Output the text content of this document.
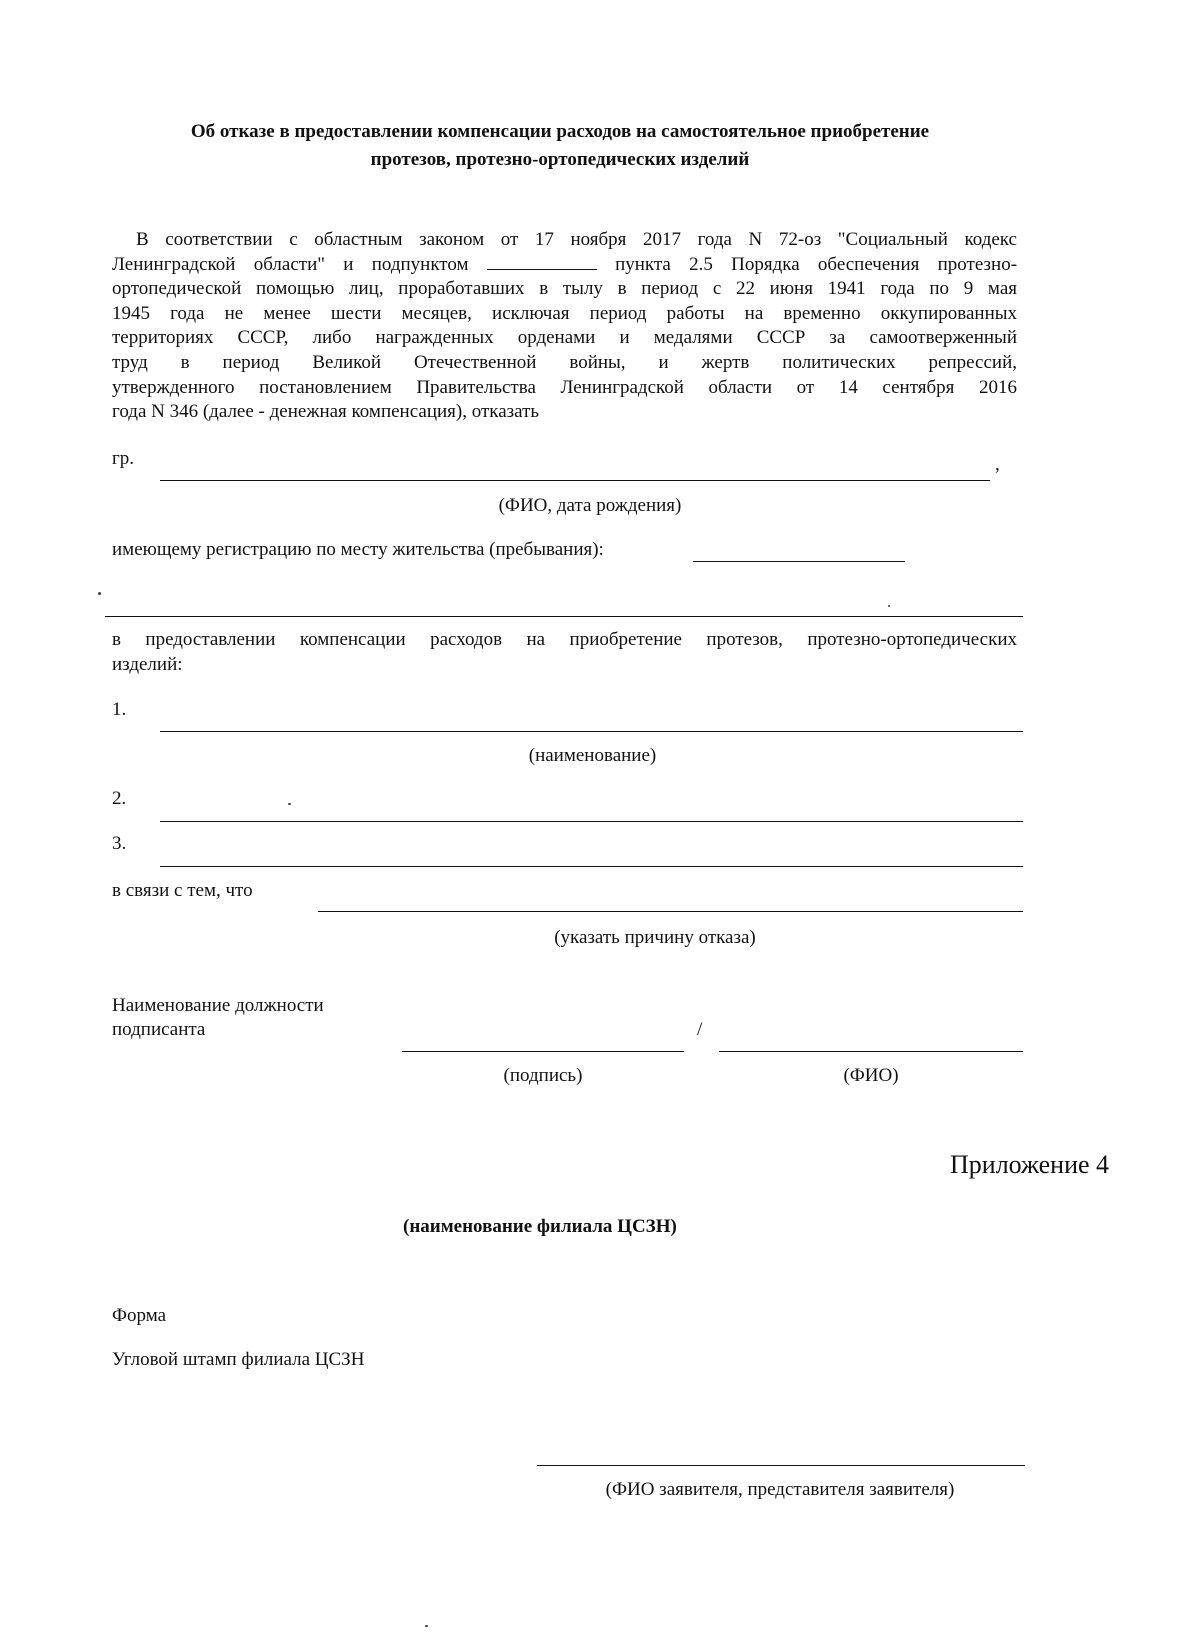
Об отказе в предоставлении компенсации расходов на самостоятельное приобретение
протезов, протезно-ортопедических изделий
В соответствии с областным законом от 17 ноября 2017 года N 72-оз "Социальный кодекс
Ленинградской области" и подпунктом	пункта 2.5 Порядка обеспечения протезно-
ортопедической помощью лиц, проработавших в тылу в период с 22 июня 1941 года по 9 мая
1945 года не менее шести месяцев, исключая период работы на временно оккупированных
территориях СССР, либо награжденных орденами и медалями СССР за самоотверженный
труд в период Великой Отечественной войны, и жертв политических репрессий,
утвержденного постановлением Правительства Ленинградской области от 14 сентября 2016
года N 346 (далее - денежная компенсация), отказать
гр.	,
(ФИО, дата рождения)
имеющему регистрацию по месту жительства (пребывания):
в предоставлении компенсации расходов на приобретение протезов, протезно-ортопедических
изделий:
1.
(наименование)
2.
3.
в связи с тем, что
(указать причину отказа)
Наименование должности
подписанта	/
(подпись)	(ФИО)
Приложение 4
(наименование филиала ЦСЗН)
Форма
Угловой штамп филиала ЦСЗН
(ФИО заявителя, представителя заявителя)
